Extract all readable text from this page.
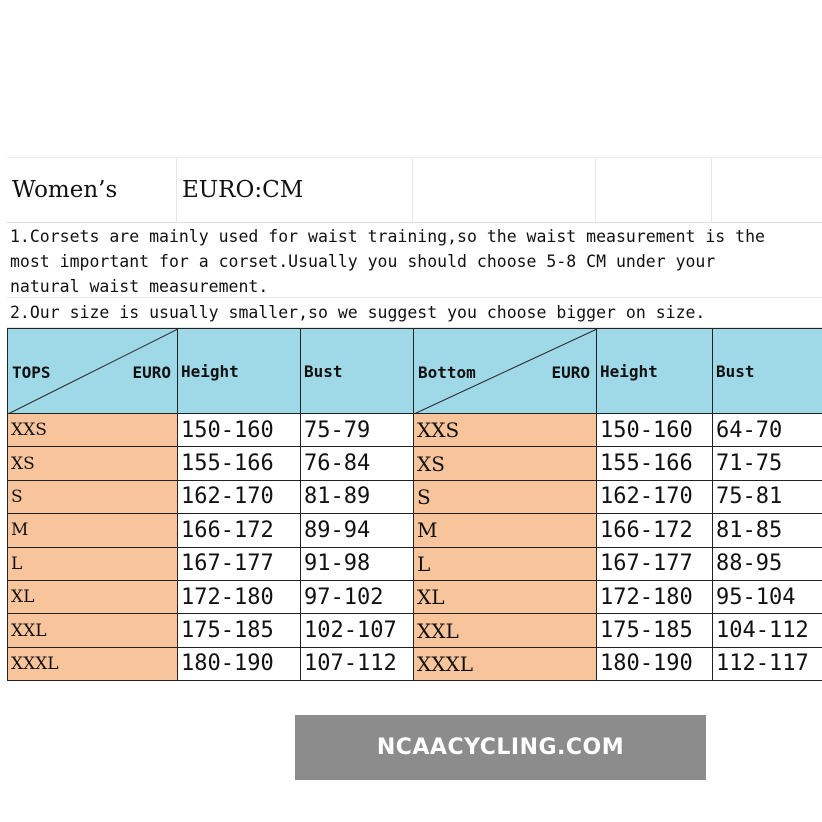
Women’s	EURO:CM
1.Corsets are mainly used for waist training,so the waist measurement is the
most important for a corset.Usually you should choose 5-8 CM under your
natural waist measurement.
2.Our size is usually smaller,so we suggest you choose bigger on size.
TOPS EURO	Height	Bust	Bottom EURO	Height	Bust
XXS	150-160	75-79	XXS	150-160	64-70
XS	155-166	76-84	XS	155-166	71-75
S	162-170	81-89	S	162-170	75-81
M	166-172	89-94	M	166-172	81-85
L	167-177	91-98	L	167-177	88-95
XL	172-180	97-102	XL	172-180	95-104
XXL	175-185	102-107	XXL	175-185	104-112
XXXL	180-190	107-112	XXXL	180-190	112-117
NCAACYCLING.COM
